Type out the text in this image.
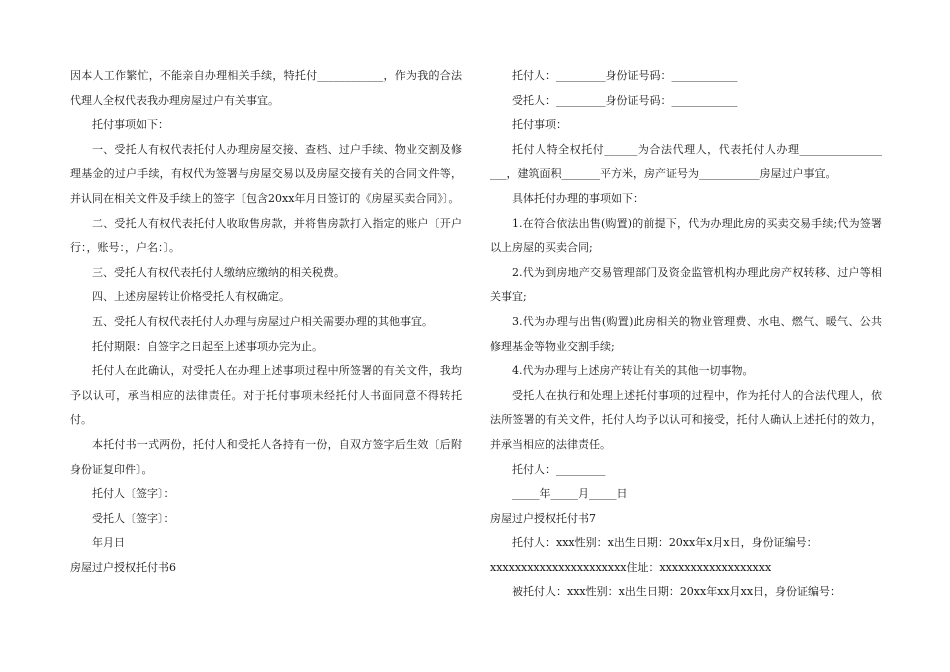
因本人工作繁忙，不能亲自办理相关手续，特托付____________，作为我的合法代理人全权代表我办理房屋过户有关事宜。

托付事项如下：

一、受托人有权代表托付人办理房屋交接、查档、过户手续、物业交割及修理基金的过户手续，有权代为签署与房屋交易以及房屋交接有关的合同文件等，并认同在相关文件及手续上的签字〔包含20xx年月日签订的《房屋买卖合同》〕。

二、受托人有权代表托付人收取售房款，并将售房款打入指定的账户〔开户行：，账号：，户名：〕。

三、受托人有权代表托付人缴纳应缴纳的相关税费。

四、上述房屋转让价格受托人有权确定。

五、受托人有权代表托付人办理与房屋过户相关需要办理的其他事宜。

托付期限：自签字之日起至上述事项办完为止。

托付人在此确认，对受托人在办理上述事项过程中所签署的有关文件，我均予以认可，承当相应的法律责任。对于托付事项未经托付人书面同意不得转托付。

本托付书一式两份，托付人和受托人各持有一份，自双方签字后生效〔后附身份证复印件〕。

托付人〔签字〕：

受托人〔签字〕：

年月日

房屋过户授权托付书6

托付人：_________身份证号码：____________

受托人：_________身份证号码：____________

托付事项：

托付人特全权托付______为合法代理人，代表托付人办理_______________ ___，建筑面积_______平方米，房产证号为___________房屋过户事宜。

具体托付办理的事项如下：

1.在符合依法出售(购置)的前提下，代为办理此房的买卖交易手续;代为签署以上房屋的买卖合同;

2.代为到房地产交易管理部门及资金监管机构办理此房产权转移、过户等相关事宜;

3.代为办理与出售(购置)此房相关的物业管理费、水电、燃气、暖气、公共修理基金等物业交割手续;

4.代为办理与上述房产转让有关的其他一切事物。

受托人在执行和处理上述托付事项的过程中，作为托付人的合法代理人，依法所签署的有关文件，托付人均予以认可和接受，托付人确认上述托付的效力，并承当相应的法律责任。

托付人：_________

_____年_____月_____日

房屋过户授权托付书7

托付人：xxx性别：x出生日期：20xx年x月x日，身份证编号：

xxxxxxxxxxxxxxxxxxxxxx住址：xxxxxxxxxxxxxxxxxx

被托付人：xxx性别：x出生日期：20xx年xx月xx日，身份证编号：
